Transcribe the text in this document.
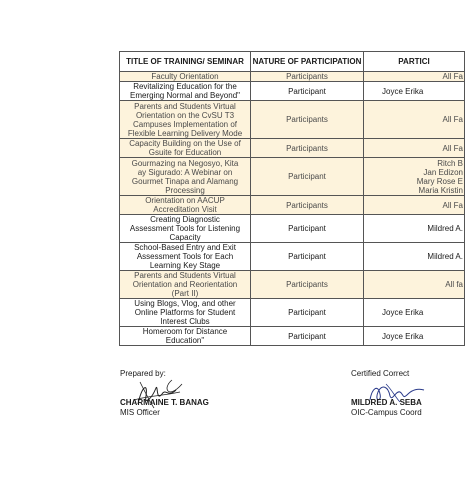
TITLE OF TRAINING/ SEMINAR	NATURE OF PARTICIPATION	PARTICI
Faculty Orientation	Participants	All Fa
Revitalizing Education for the
Emerging Normal and Beyond"	Participant	Joyce Erika
Parents and Students Virtual
Orientation on the CvSU T3
Campuses Implementation of
Flexible Learning Delivery Mode	Participants	All Fa
Capacity Building on the Use of
Gsuite for Education	Participants	All Fa
Gourmazing na Negosyo, Kita
ay Sigurado: A Webinar on
Gourmet Tinapa and Alamang
Processing	Participant	Ritch B
Jan Edizon
Mary Rose E
Maria Kristin
Orientation on AACUP
Accreditation Visit	Participants	All Fa
Creating Diagnostic
Assessment Tools for Listening
Capacity	Participant	Mildred A.
School-Based Entry and Exit
Assessment Tools for Each
Learning Key Stage	Participant	Mildred A.
Parents and Students Virtual
Orientation and Reorientation
(Part II)	Participants	All fa
Using Blogs, Vlog, and other
Online Platforms for Student
Interest Clubs	Participant	Joyce Erika
Homeroom for Distance
Education"	Participant	Joyce Erika
Prepared by:
CHARMAINE T. BANAG
MIS Officer
Certified Correct
MILDRED A. SEBA
OIC-Campus Coord
